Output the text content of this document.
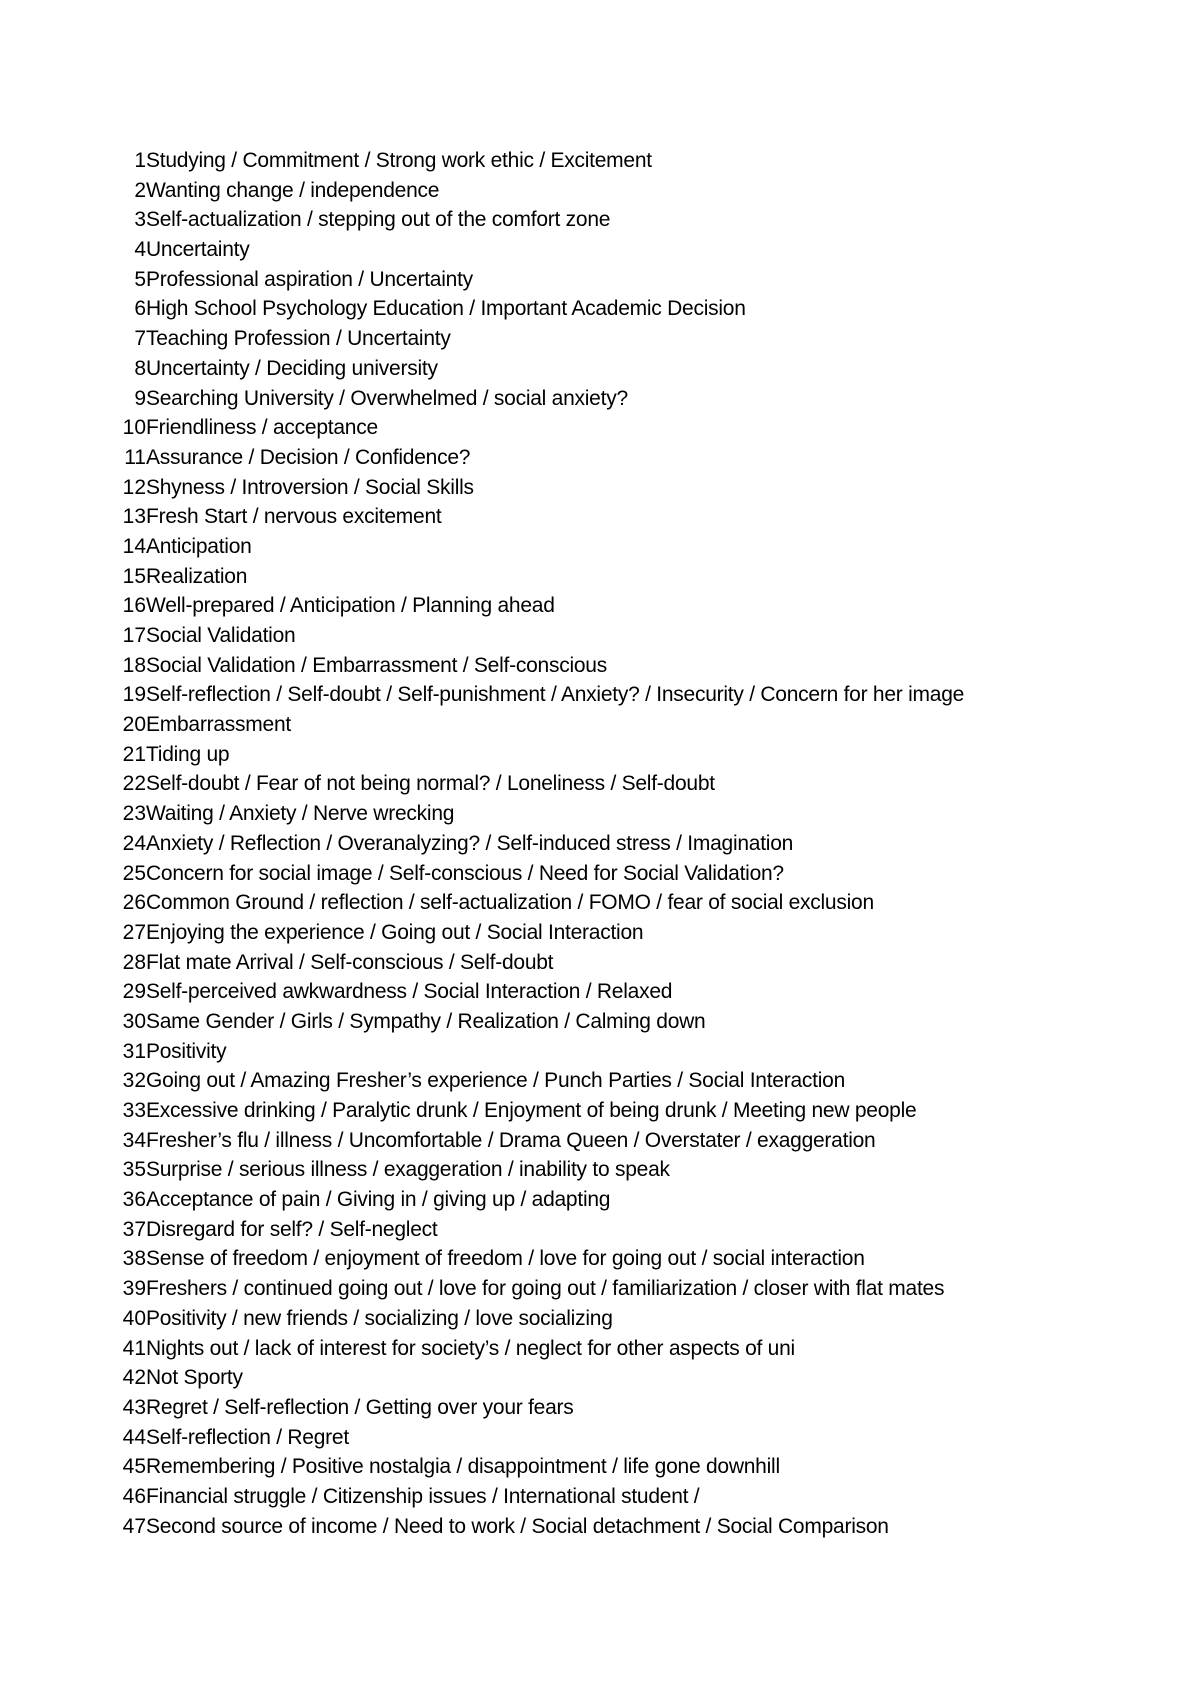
1 Studying / Commitment / Strong work ethic / Excitement
2 Wanting change / independence
3 Self-actualization / stepping out of the comfort zone
4 Uncertainty
5 Professional aspiration / Uncertainty
6 High School Psychology Education / Important Academic Decision
7 Teaching Profession / Uncertainty
8 Uncertainty / Deciding university
9 Searching University / Overwhelmed / social anxiety?
10 Friendliness / acceptance
11 Assurance / Decision / Confidence?
12 Shyness / Introversion / Social Skills
13 Fresh Start / nervous excitement
14 Anticipation
15 Realization
16 Well-prepared / Anticipation / Planning ahead
17 Social Validation
18 Social Validation / Embarrassment / Self-conscious
19 Self-reflection / Self-doubt / Self-punishment / Anxiety? / Insecurity / Concern for her image
20 Embarrassment
21 Tiding up
22 Self-doubt / Fear of not being normal? / Loneliness / Self-doubt
23 Waiting / Anxiety / Nerve wrecking
24 Anxiety / Reflection / Overanalyzing? / Self-induced stress / Imagination
25 Concern for social image / Self-conscious / Need for Social Validation?
26 Common Ground / reflection / self-actualization / FOMO / fear of social exclusion
27 Enjoying the experience / Going out / Social Interaction
28 Flat mate Arrival / Self-conscious / Self-doubt
29 Self-perceived awkwardness / Social Interaction / Relaxed
30 Same Gender / Girls / Sympathy / Realization / Calming down
31 Positivity
32 Going out / Amazing Fresher’s experience / Punch Parties / Social Interaction
33 Excessive drinking / Paralytic drunk / Enjoyment of being drunk / Meeting new people
34 Fresher’s flu / illness / Uncomfortable / Drama Queen / Overstater / exaggeration
35 Surprise / serious illness / exaggeration / inability to speak
36 Acceptance of pain / Giving in / giving up / adapting
37 Disregard for self? / Self-neglect
38 Sense of freedom / enjoyment of freedom / love for going out / social interaction
39 Freshers / continued going out / love for going out / familiarization / closer with flat mates
40 Positivity / new friends / socializing / love socializing
41 Nights out / lack of interest for society’s / neglect for other aspects of uni
42 Not Sporty
43 Regret / Self-reflection / Getting over your fears
44 Self-reflection / Regret
45 Remembering / Positive nostalgia / disappointment / life gone downhill
46 Financial struggle / Citizenship issues / International student /
47 Second source of income / Need to work / Social detachment / Social Comparison
